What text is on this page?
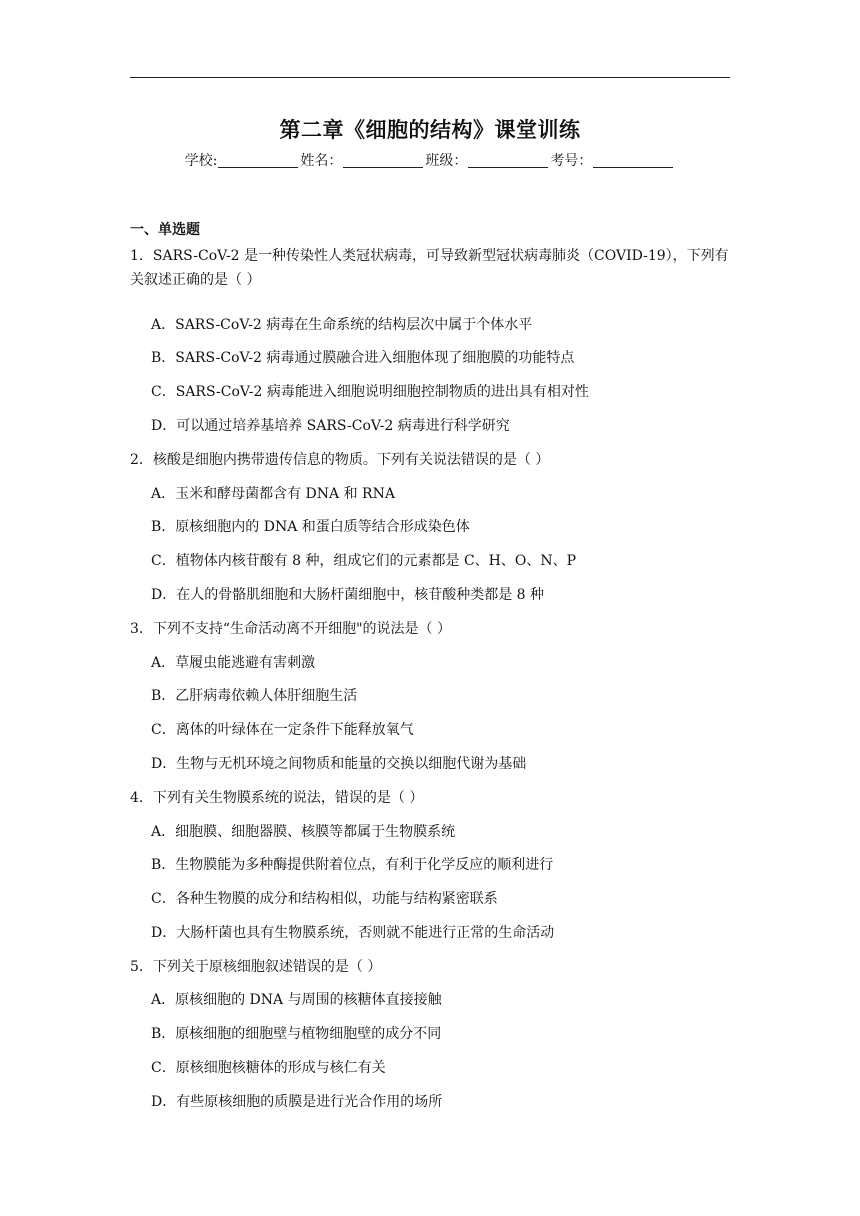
第二章《细胞的结构》课堂训练
学校:	姓名：	班级：	考号：
一、单选题
1．SARS-CoV-2 是一种传染性人类冠状病毒，可导致新型冠状病毒肺炎（COVID-19），下列有关叙述正确的是（ ）
A．SARS-CoV-2 病毒在生命系统的结构层次中属于个体水平
B．SARS-CoV-2 病毒通过膜融合进入细胞体现了细胞膜的功能特点
C．SARS-CoV-2 病毒能进入细胞说明细胞控制物质的进出具有相对性
D．可以通过培养基培养 SARS-CoV-2 病毒进行科学研究
2．核酸是细胞内携带遗传信息的物质。下列有关说法错误的是（ ）
A．玉米和酵母菌都含有 DNA 和 RNA
B．原核细胞内的 DNA 和蛋白质等结合形成染色体
C．植物体内核苷酸有 8 种，组成它们的元素都是 C、H、O、N、P
D．在人的骨骼肌细胞和大肠杆菌细胞中，核苷酸种类都是 8 种
3．下列不支持“生命活动离不开细胞"的说法是（ ）
A．草履虫能逃避有害刺激
B．乙肝病毒依赖人体肝细胞生活
C．离体的叶绿体在一定条件下能释放氧气
D．生物与无机环境之间物质和能量的交换以细胞代谢为基础
4．下列有关生物膜系统的说法，错误的是（ ）
A．细胞膜、细胞器膜、核膜等都属于生物膜系统
B．生物膜能为多种酶提供附着位点，有利于化学反应的顺利进行
C．各种生物膜的成分和结构相似，功能与结构紧密联系
D．大肠杆菌也具有生物膜系统，否则就不能进行正常的生命活动
5．下列关于原核细胞叙述错误的是（ ）
A．原核细胞的 DNA 与周围的核糖体直接接触
B．原核细胞的细胞壁与植物细胞壁的成分不同
C．原核细胞核糖体的形成与核仁有关
D．有些原核细胞的质膜是进行光合作用的场所
